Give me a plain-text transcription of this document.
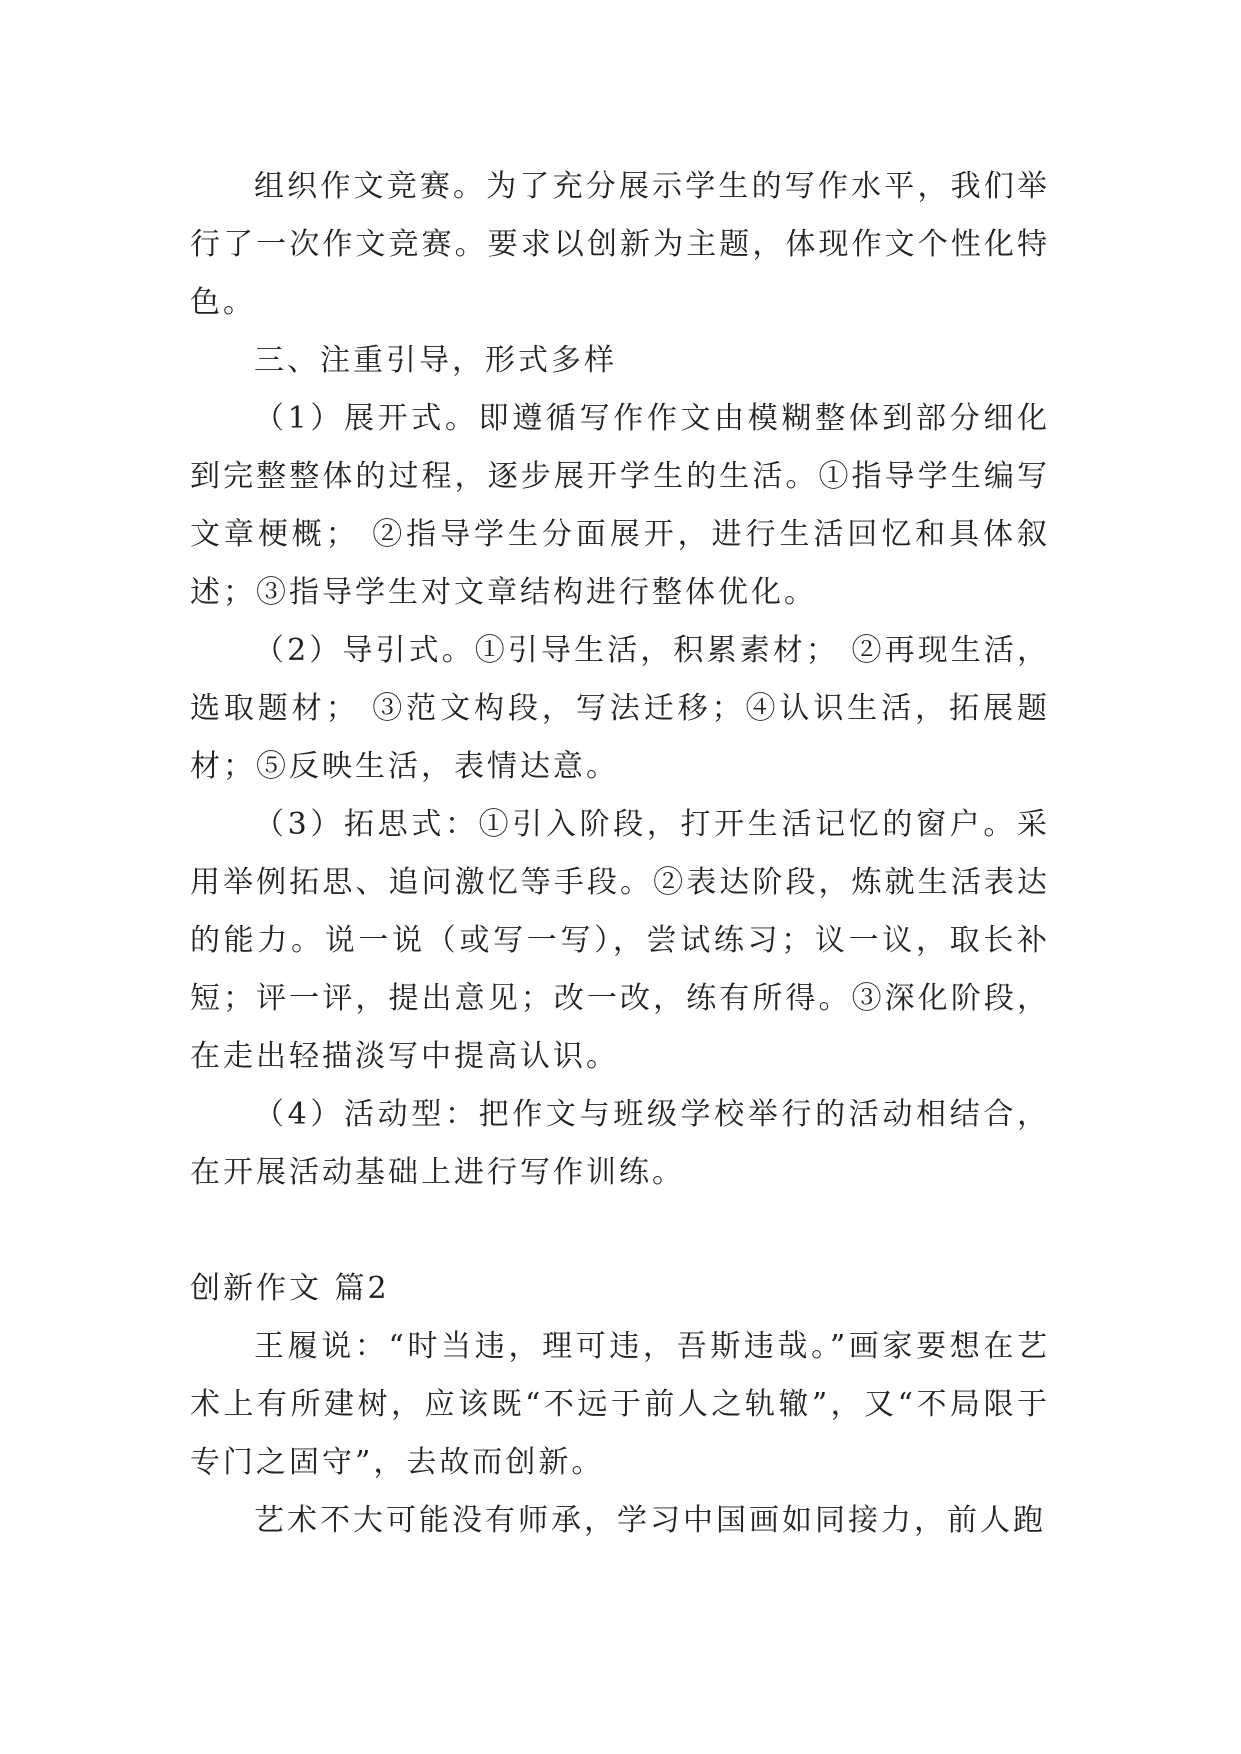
组织作文竞赛。为了充分展示学生的写作水平，我们举行了一次作文竞赛。要求以创新为主题，体现作文个性化特色。

三、注重引导，形式多样

（1）展开式。即遵循写作作文由模糊整体到部分细化到完整整体的过程，逐步展开学生的生活。①指导学生编写文章梗概； ②指导学生分面展开，进行生活回忆和具体叙述；③指导学生对文章结构进行整体优化。

（2）导引式。①引导生活，积累素材； ②再现生活，选取题材； ③范文构段，写法迁移；④认识生活，拓展题材；⑤反映生活，表情达意。

（3）拓思式：①引入阶段，打开生活记忆的窗户。采用举例拓思、追问激忆等手段。②表达阶段，炼就生活表达的能力。说一说（或写一写），尝试练习；议一议，取长补短；评一评，提出意见；改一改，练有所得。③深化阶段，在走出轻描淡写中提高认识。

（4）活动型：把作文与班级学校举行的活动相结合，在开展活动基础上进行写作训练。

创新作文 篇2

王履说：“时当违，理可违，吾斯违哉。”画家要想在艺术上有所建树，应该既“不远于前人之轨辙”，又“不局限于专门之固守”，去故而创新。

艺术不大可能没有师承，学习中国画如同接力，前人跑
